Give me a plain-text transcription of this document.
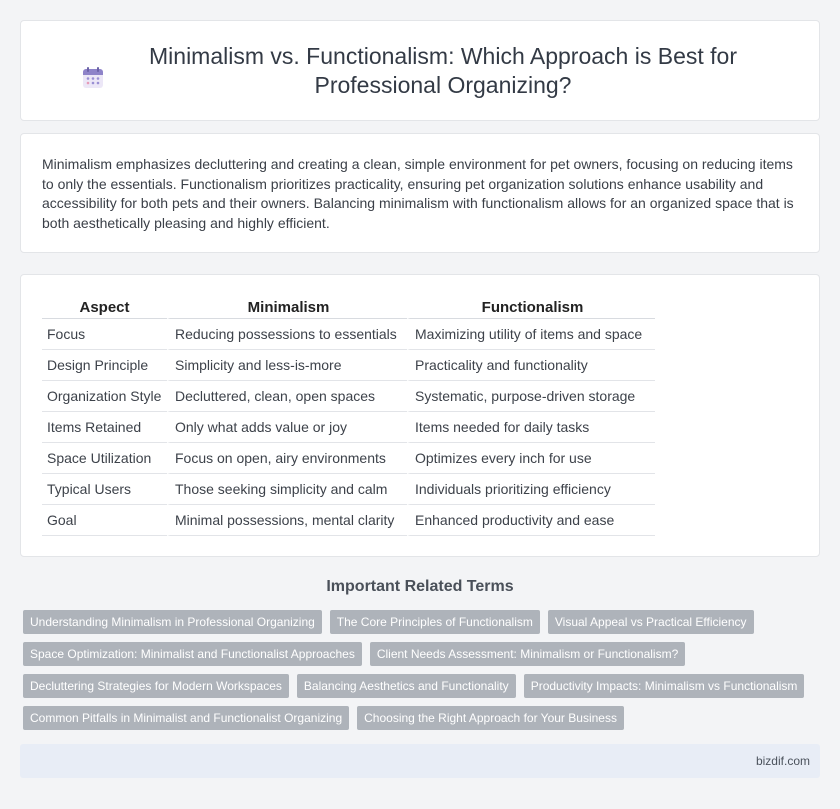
Minimalism vs. Functionalism: Which Approach is Best for Professional Organizing?

Minimalism emphasizes decluttering and creating a clean, simple environment for pet owners, focusing on reducing items to only the essentials. Functionalism prioritizes practicality, ensuring pet organization solutions enhance usability and accessibility for both pets and their owners. Balancing minimalism with functionalism allows for an organized space that is both aesthetically pleasing and highly efficient.

Aspect	Minimalism	Functionalism
Focus	Reducing possessions to essentials	Maximizing utility of items and space
Design Principle	Simplicity and less-is-more	Practicality and functionality
Organization Style	Decluttered, clean, open spaces	Systematic, purpose-driven storage
Items Retained	Only what adds value or joy	Items needed for daily tasks
Space Utilization	Focus on open, airy environments	Optimizes every inch for use
Typical Users	Those seeking simplicity and calm	Individuals prioritizing efficiency
Goal	Minimal possessions, mental clarity	Enhanced productivity and ease
Important Related Terms
Understanding Minimalism in Professional Organizing	The Core Principles of Functionalism	Visual Appeal vs Practical Efficiency
Space Optimization: Minimalist and Functionalist Approaches	Client Needs Assessment: Minimalism or Functionalism?
Decluttering Strategies for Modern Workspaces	Balancing Aesthetics and Functionality	Productivity Impacts: Minimalism vs Functionalism
Common Pitfalls in Minimalist and Functionalist Organizing	Choosing the Right Approach for Your Business
bizdif.com
